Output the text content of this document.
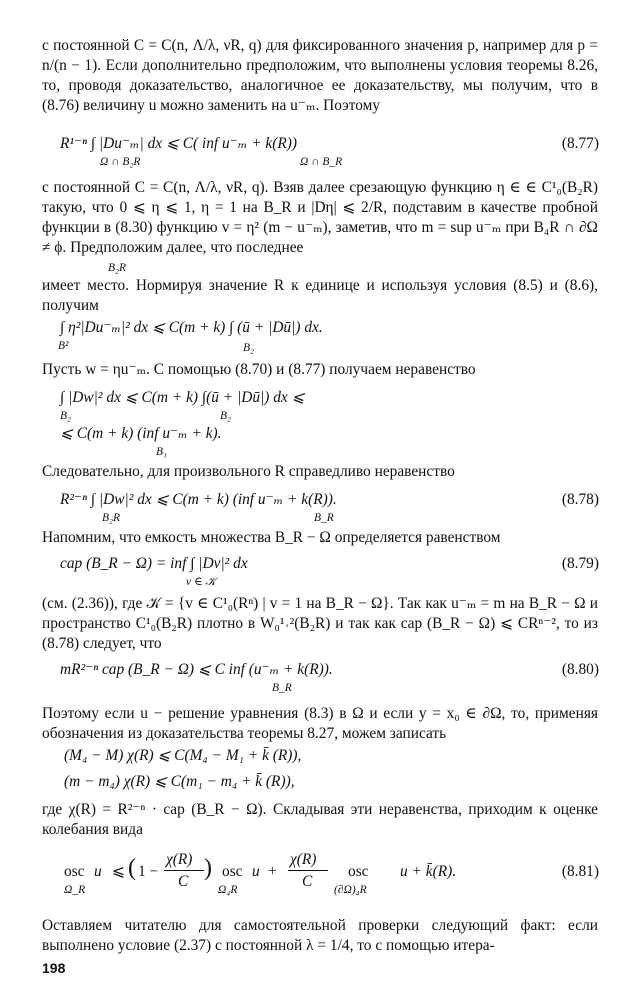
с постоянной C = C(n, Λ/λ, νR, q) для фиксированного значения p, например для p = n/(n − 1). Если дополнительно предположим, что выполнены условия теоремы 8.26, то, проводя доказательство, аналогичное ее доказательству, мы получим, что в (8.76) величину u можно заменить на u⁻ₘ. Поэтому
R¹⁻ⁿ ∫ |Du⁻ₘ| dx ⩽ C( inf u⁻ₘ + k(R))
Ω ∩ B₂R	Ω ∩ B_R
(8.77)
с постоянной C = C(n, Λ/λ, νR, q). Взяв далее срезающую функцию η ∈ ∈ C¹₀(B₂R) такую, что 0 ⩽ η ⩽ 1, η = 1 на B_R и |Dη| ⩽ 2/R, подставим в качестве пробной функции в (8.30) функцию v = η² (m − u⁻ₘ), заметив, что m = sup u⁻ₘ при B₄R ∩ ∂Ω ≠ ϕ. Предположим далее, что последнее
B₂R
имеет место. Нормируя значение R к единице и используя условия (8.5) и (8.6), получим
∫ η²|Du⁻ₘ|² dx ⩽ C(m + k) ∫ (ū + |Dū|) dx.
B²	B₂
Пусть w = ηu⁻ₘ. С помощью (8.70) и (8.77) получаем неравенство
∫ |Dw|² dx ⩽ C(m + k) ∫(ū + |Dū|) dx ⩽
B₂	B₂
⩽ C(m + k) (inf u⁻ₘ + k).
B₁
Следовательно, для произвольного R справедливо неравенство
R²⁻ⁿ ∫ |Dw|² dx ⩽ C(m + k) (inf u⁻ₘ + k(R)).
B₂R	B_R
(8.78)
Напомним, что емкость множества B_R − Ω определяется равенством
cap (B_R − Ω) = inf ∫ |Dv|² dx
v ∈ 𝒦
(8.79)
(см. (2.36)), где 𝒦 = {v ∈ C¹₀(Rⁿ) | v = 1 на B_R − Ω}. Так как u⁻ₘ = m на B_R − Ω и пространство C¹₀(B₂R) плотно в W₀¹˒²(B₂R) и так как cap (B_R − Ω) ⩽ CRⁿ⁻², то из (8.78) следует, что
mR²⁻ⁿ cap (B_R − Ω) ⩽ C inf (u⁻ₘ + k(R)).
B_R
(8.80)
Поэтому если u − решение уравнения (8.3) в Ω и если y = x₀ ∈ ∂Ω, то, применяя обозначения из доказательства теоремы 8.27, можем записать
(M₄ − M) χ(R) ⩽ C(M₄ − M₁ + k̄ (R)),
(m − m₄) χ(R) ⩽ C(m₁ − m₄ + k̄ (R)),
где χ(R) = R²⁻ⁿ · cap (B_R − Ω). Складывая эти неравенства, приходим к оценке колебания вида
osc u
Ω_R
⩽ ( 1 −
χ(R)
C
) osc
Ω₄R
u +
χ(R)
C
osc
(∂Ω)₄R
u + k̄(R).	(8.81)
Оставляем читателю для самостоятельной проверки следующий факт: если выполнено условие (2.37) с постоянной λ = 1/4, то с помощью итера-
198
